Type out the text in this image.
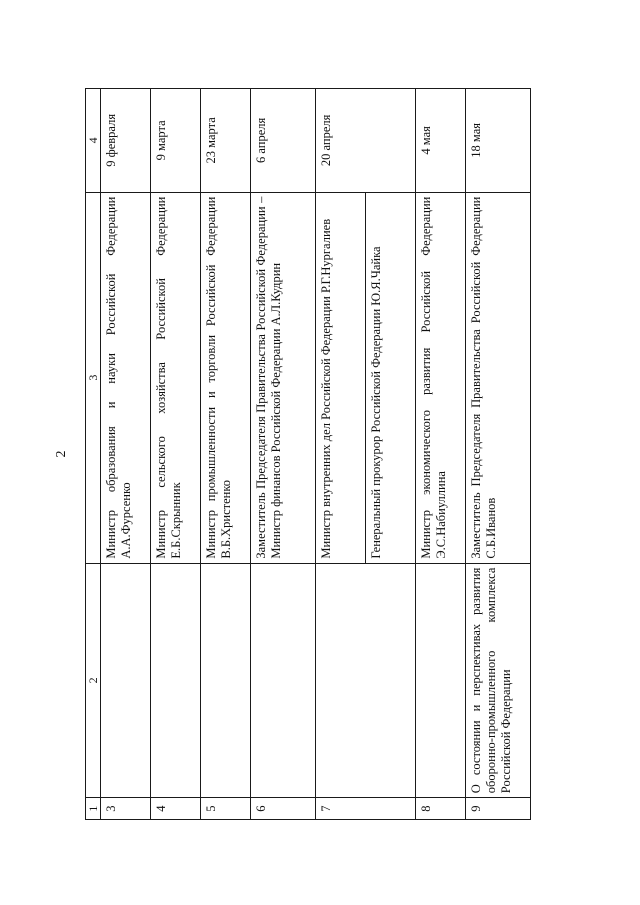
2
1	2	3	4
3		Министр образования и науки Российской Федерации А.А.Фурсенко	9 февраля
4		Министр сельского хозяйства Российской Федерации Е.Б.Скрынник	9 марта
5		Министр промышленности и торговли Российской Федерации В.Б.Христенко	23 марта
6		Заместитель Председателя Правительства Российской Федерации – Министр финансов Российской Федерации А.Л.Кудрин	6 апреля
7		Министр внутренних дел Российской Федерации Р.Г.Нургалиев	20 апреля
		Генеральный прокурор Российской Федерации Ю.Я.Чайка	
8		Министр экономического развития Российской Федерации Э.С.Набиуллина	4 мая
9	О состоянии и перспективах развития оборонно-промышленного комплекса Российской Федерации	Заместитель Председателя Правительства Российской Федерации С.Б.Иванов	18 мая
